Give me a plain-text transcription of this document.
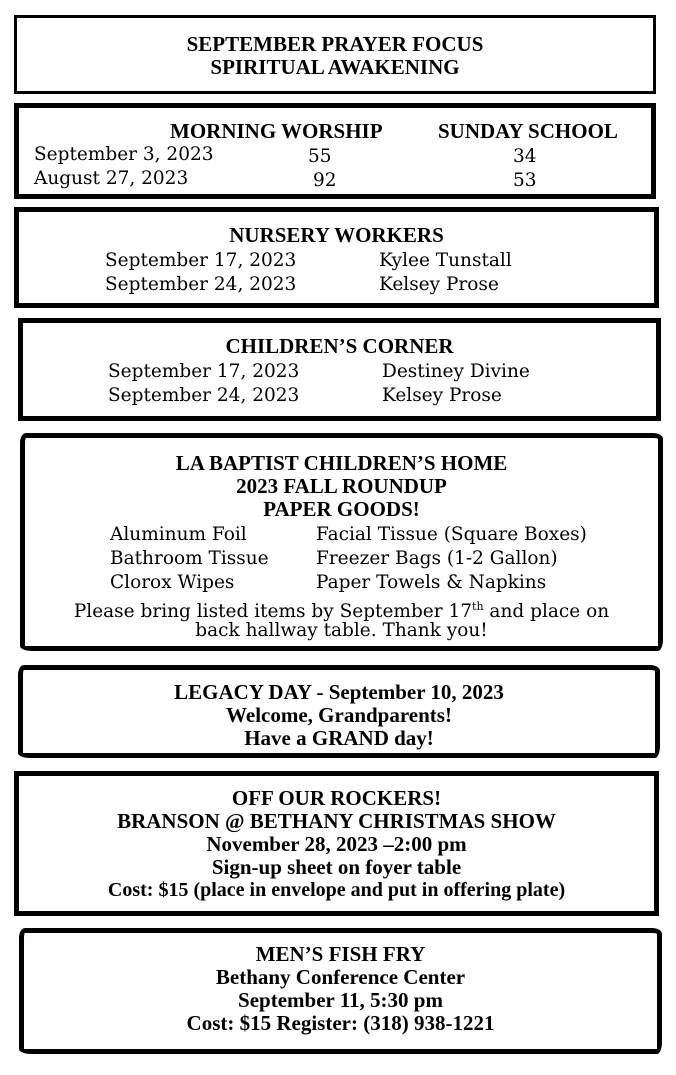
SEPTEMBER PRAYER FOCUS
SPIRITUAL AWAKENING
MORNING WORSHIP	SUNDAY SCHOOL
September 3, 2023	55	34
August 27, 2023	92	53
NURSERY WORKERS
September 17, 2023	Kylee Tunstall
September 24, 2023	Kelsey Prose
CHILDREN’S CORNER
September 17, 2023	Destiney Divine
September 24, 2023	Kelsey Prose
LA BAPTIST CHILDREN’S HOME
2023 FALL ROUNDUP
PAPER GOODS!
Aluminum Foil	Facial Tissue (Square Boxes)
Bathroom Tissue	Freezer Bags (1-2 Gallon)
Clorox Wipes	Paper Towels & Napkins
Please bring listed items by September 17th and place on
back hallway table. Thank you!
LEGACY DAY - September 10, 2023
Welcome, Grandparents!
Have a GRAND day!
OFF OUR ROCKERS!
BRANSON @ BETHANY CHRISTMAS SHOW
November 28, 2023 –2:00 pm
Sign-up sheet on foyer table
Cost: $15 (place in envelope and put in offering plate)
MEN’S FISH FRY
Bethany Conference Center
September 11, 5:30 pm
Cost: $15 Register: (318) 938-1221
